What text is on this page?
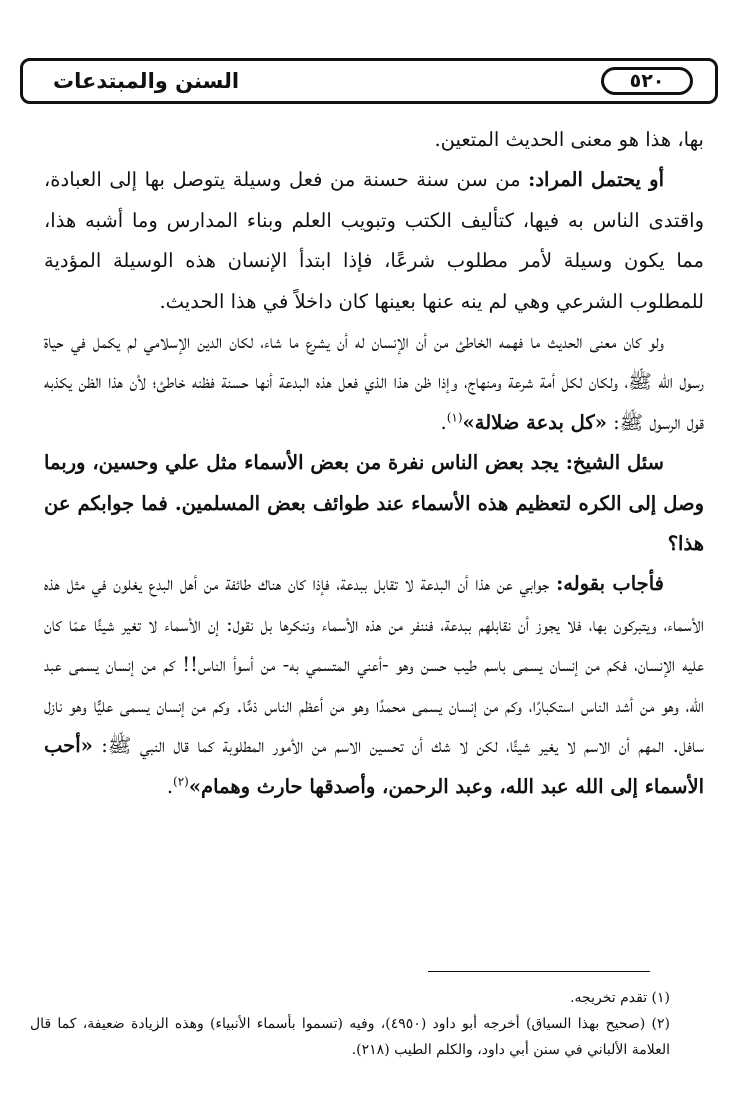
السنن والمبتدعات	٥٢٠

بها، هذا هو معنى الحديث المتعين.

أو يحتمل المراد: من سن سنة حسنة من فعل وسيلة يتوصل بها إلى العبادة، واقتدى الناس به فيها، كتأليف الكتب وتبويب العلم وبناء المدارس وما أشبه هذا، مما يكون وسيلة لأمر مطلوب شرعًا، فإذا ابتدأ الإنسان هذه الوسيلة المؤدية للمطلوب الشرعي وهي لم ينه عنها بعينها كان داخلاً في هذا الحديث.

ولو كان معنى الحديث ما فهمه الخاطئ من أن الإنسان له أن يشرع ما شاء، لكان الدين الإسلامي لم يكمل في حياة رسول الله ﷺ، ولكان لكل أمة شرعة ومنهاج، وإذا ظن هذا الذي فعل هذه البدعة أنها حسنة فظنه خاطئ؛ لأن هذا الظن يكذبه قول الرسول ﷺ: «كل بدعة ضلالة»$^{(١)}$.

سئل الشيخ: يجد بعض الناس نفرة من بعض الأسماء مثل علي وحسين، وربما وصل إلى الكره لتعظيم هذه الأسماء عند طوائف بعض المسلمين. فما جوابكم عن هذا؟

فأجاب بقوله: جوابي عن هذا أن البدعة لا تقابل ببدعة، فإذا كان هناك طائفة من أهل البدع يغلون في مثل هذه الأسماء، ويتبركون بها، فلا يجوز أن نقابلهم ببدعة، فننفر من هذه الأسماء وننكرها بل نقول: إن الأسماء لا تغير شيئًا عمّا كان عليه الإنسان، فكم من إنسان يسمى باسم طيب حسن وهو -أعني المتسمي به- من أسوأ الناس!! كم من إنسان يسمى عبد الله، وهو من أشد الناس استكبارًا، وكم من إنسان يسمى محمدًا وهو من أعظم الناس ذمًّا. وكم من إنسان يسمى عليًّا وهو نازل سافل. المهم أن الاسم لا يغير شيئًا، لكن لا شك أن تحسين الاسم من الأمور المطلوبة كما قال النبي ﷺ: «أحب الأسماء إلى الله عبد الله، وعبد الرحمن، وأصدقها حارث وهمام»$^{(٢)}$.

(١) تقدم تخريجه.

(٢) (صحيح بهذا السياق) أخرجه أبو داود (٤٩٥٠)، وفيه (تسموا بأسماء الأنبياء) وهذه الزيادة ضعيفة، كما قال العلامة الألباني في سنن أبي داود، والكلم الطيب (٢١٨).
